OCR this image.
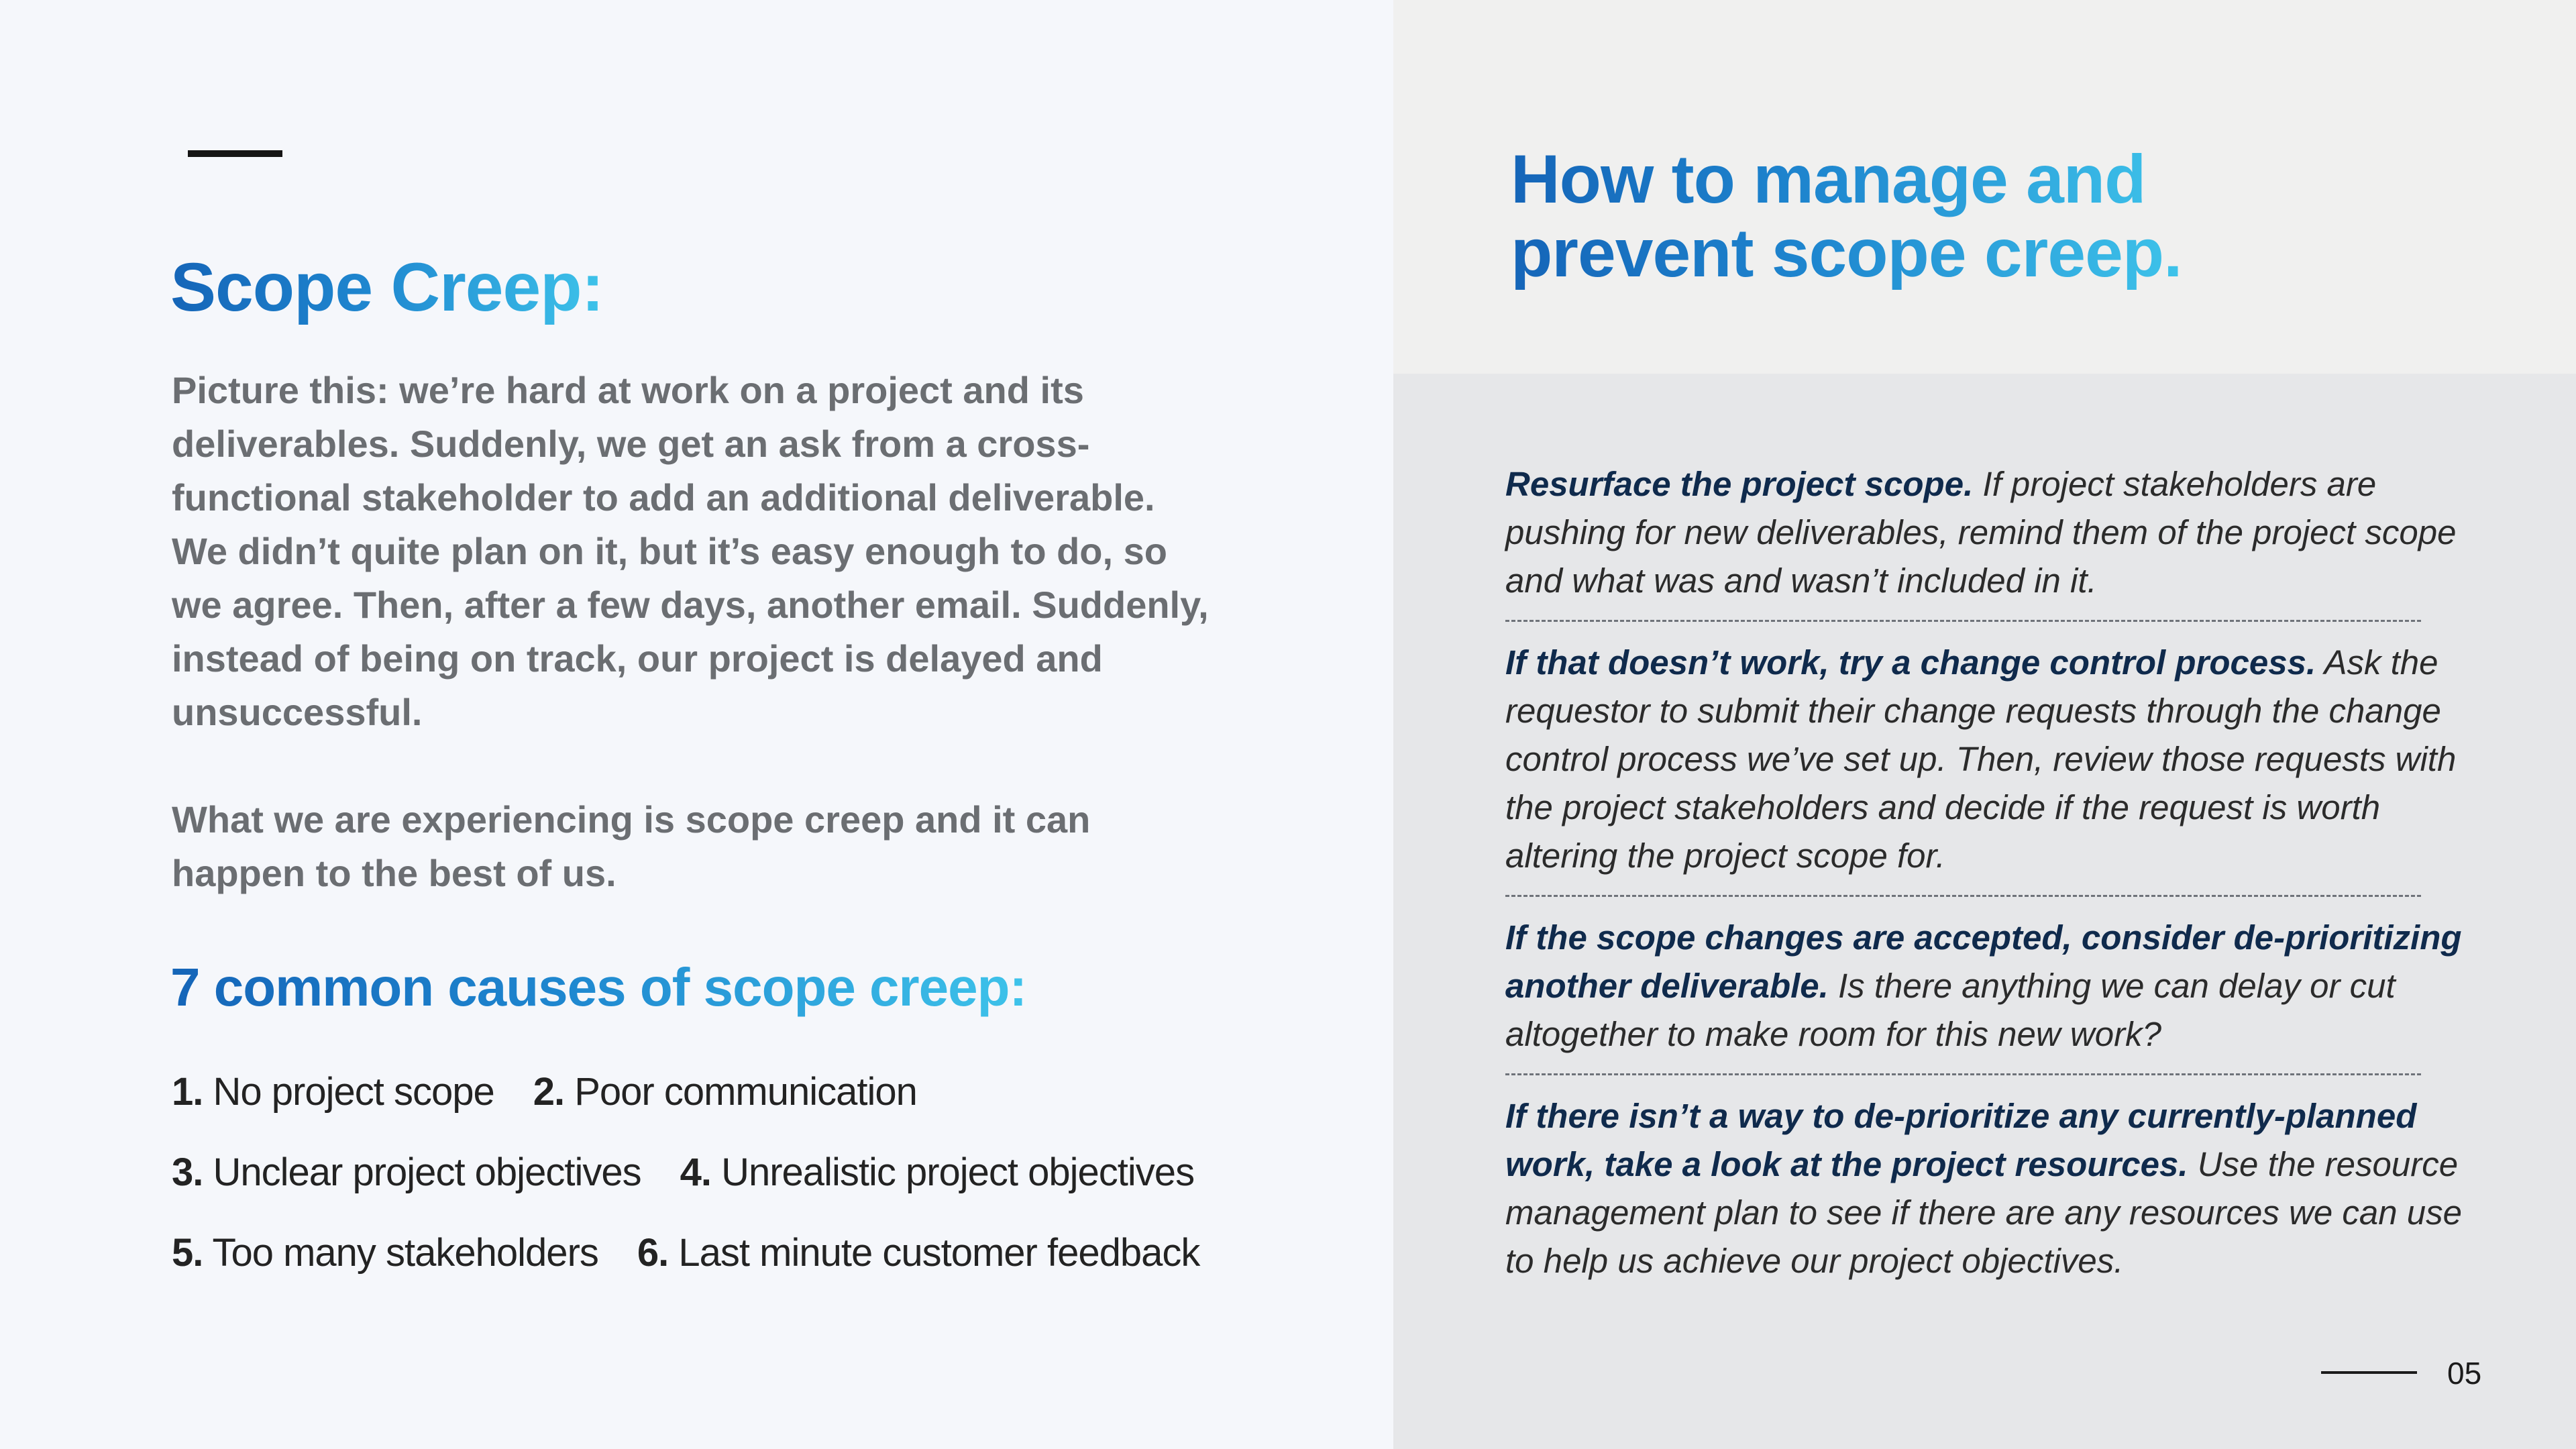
Scope Creep:

Picture this: we’re hard at work on a project and its deliverables. Suddenly, we get an ask from a cross-functional stakeholder to add an additional deliverable. We didn’t quite plan on it, but it’s easy enough to do, so we agree. Then, after a few days, another email. Suddenly, instead of being on track, our project is delayed and unsuccessful.

What we are experiencing is scope creep and it can happen to the best of us.

7 common causes of scope creep:
1. No project scope 2. Poor communication
3. Unclear project objectives 4. Unrealistic project objectives
5. Too many stakeholders 6. Last minute customer feedback
How to manage and
prevent scope creep.

Resurface the project scope. If project stakeholders are pushing for new deliverables, remind them of the project scope and what was and wasn’t included in it.

If that doesn’t work, try a change control process. Ask the requestor to submit their change requests through the change control process we’ve set up. Then, review those requests with the project stakeholders and decide if the request is worth altering the project scope for.

If the scope changes are accepted, consider de-prioritizing another deliverable. Is there anything we can delay or cut altogether to make room for this new work?

If there isn’t a way to de-prioritize any currently-planned work, take a look at the project resources. Use the resource management plan to see if there are any resources we can use to help us achieve our project objectives.

05
